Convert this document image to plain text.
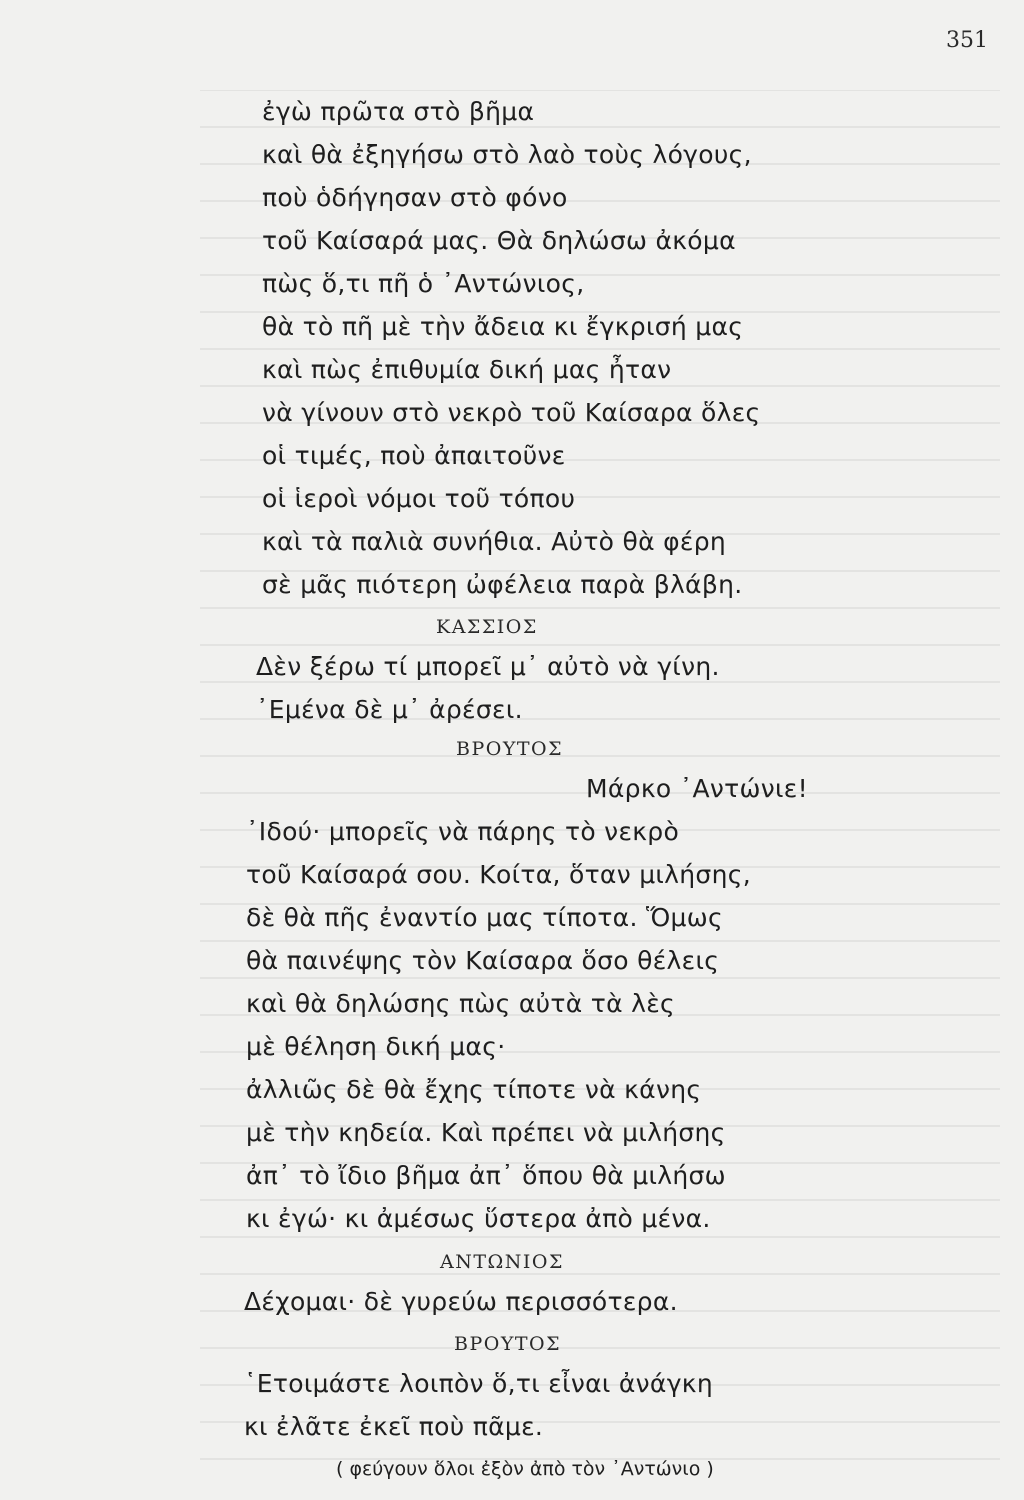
351
ἐγὼ πρῶτα στὸ βῆμα
καὶ θὰ ἐξηγήσω στὸ λαὸ τοὺς λόγους,
ποὺ ὁδήγησαν στὸ φόνο
τοῦ Καίσαρά μας. Θὰ δηλώσω ἀκόμα
πὼς ὅ,τι πῆ ὁ ᾿Αντώνιος,
θὰ τὸ πῆ μὲ τὴν ἄδεια κι ἔγκρισή μας
καὶ πὼς ἐπιθυμία δική μας ἦταν
νὰ γίνουν στὸ νεκρὸ τοῦ Καίσαρα ὅλες
οἱ τιμές, ποὺ ἀπαιτοῦνε
οἱ ἱεροὶ νόμοι τοῦ τόπου
καὶ τὰ παλιὰ συνήθια. Αὐτὸ θὰ φέρη
σὲ μᾶς πιότερη ὠφέλεια παρὰ βλάβη.
ΚΑΣΣΙΟΣ
Δὲν ξέρω τί μπορεῖ μ᾿ αὐτὸ νὰ γίνη.
᾿Εμένα δὲ μ᾿ ἀρέσει.
ΒΡΟΥΤΟΣ
Μάρκο ᾿Αντώνιε!
᾿Ιδού· μπορεῖς νὰ πάρης τὸ νεκρὸ
τοῦ Καίσαρά σου. Κοίτα, ὅταν μιλήσης,
δὲ θὰ πῆς ἐναντίο μας τίποτα. Ὅμως
θὰ παινέψης τὸν Καίσαρα ὅσο θέλεις
καὶ θὰ δηλώσης πὼς αὐτὰ τὰ λὲς
μὲ θέληση δική μας·
ἀλλιῶς δὲ θὰ ἔχης τίποτε νὰ κάνης
μὲ τὴν κηδεία. Καὶ πρέπει νὰ μιλήσης
ἀπ᾿ τὸ ἴδιο βῆμα ἀπ᾿ ὅπου θὰ μιλήσω
κι ἐγώ· κι ἀμέσως ὕστερα ἀπὸ μένα.
ΑΝΤΩΝΙΟΣ
Δέχομαι· δὲ γυρεύω περισσότερα.
ΒΡΟΥΤΟΣ
῾Ετοιμάστε λοιπὸν ὅ,τι εἶναι ἀνάγκη
κι ἐλᾶτε ἐκεῖ ποὺ πᾶμε.
( φεύγουν ὅλοι ἐξὸν ἀπὸ τὸν ᾿Αντώνιο )
